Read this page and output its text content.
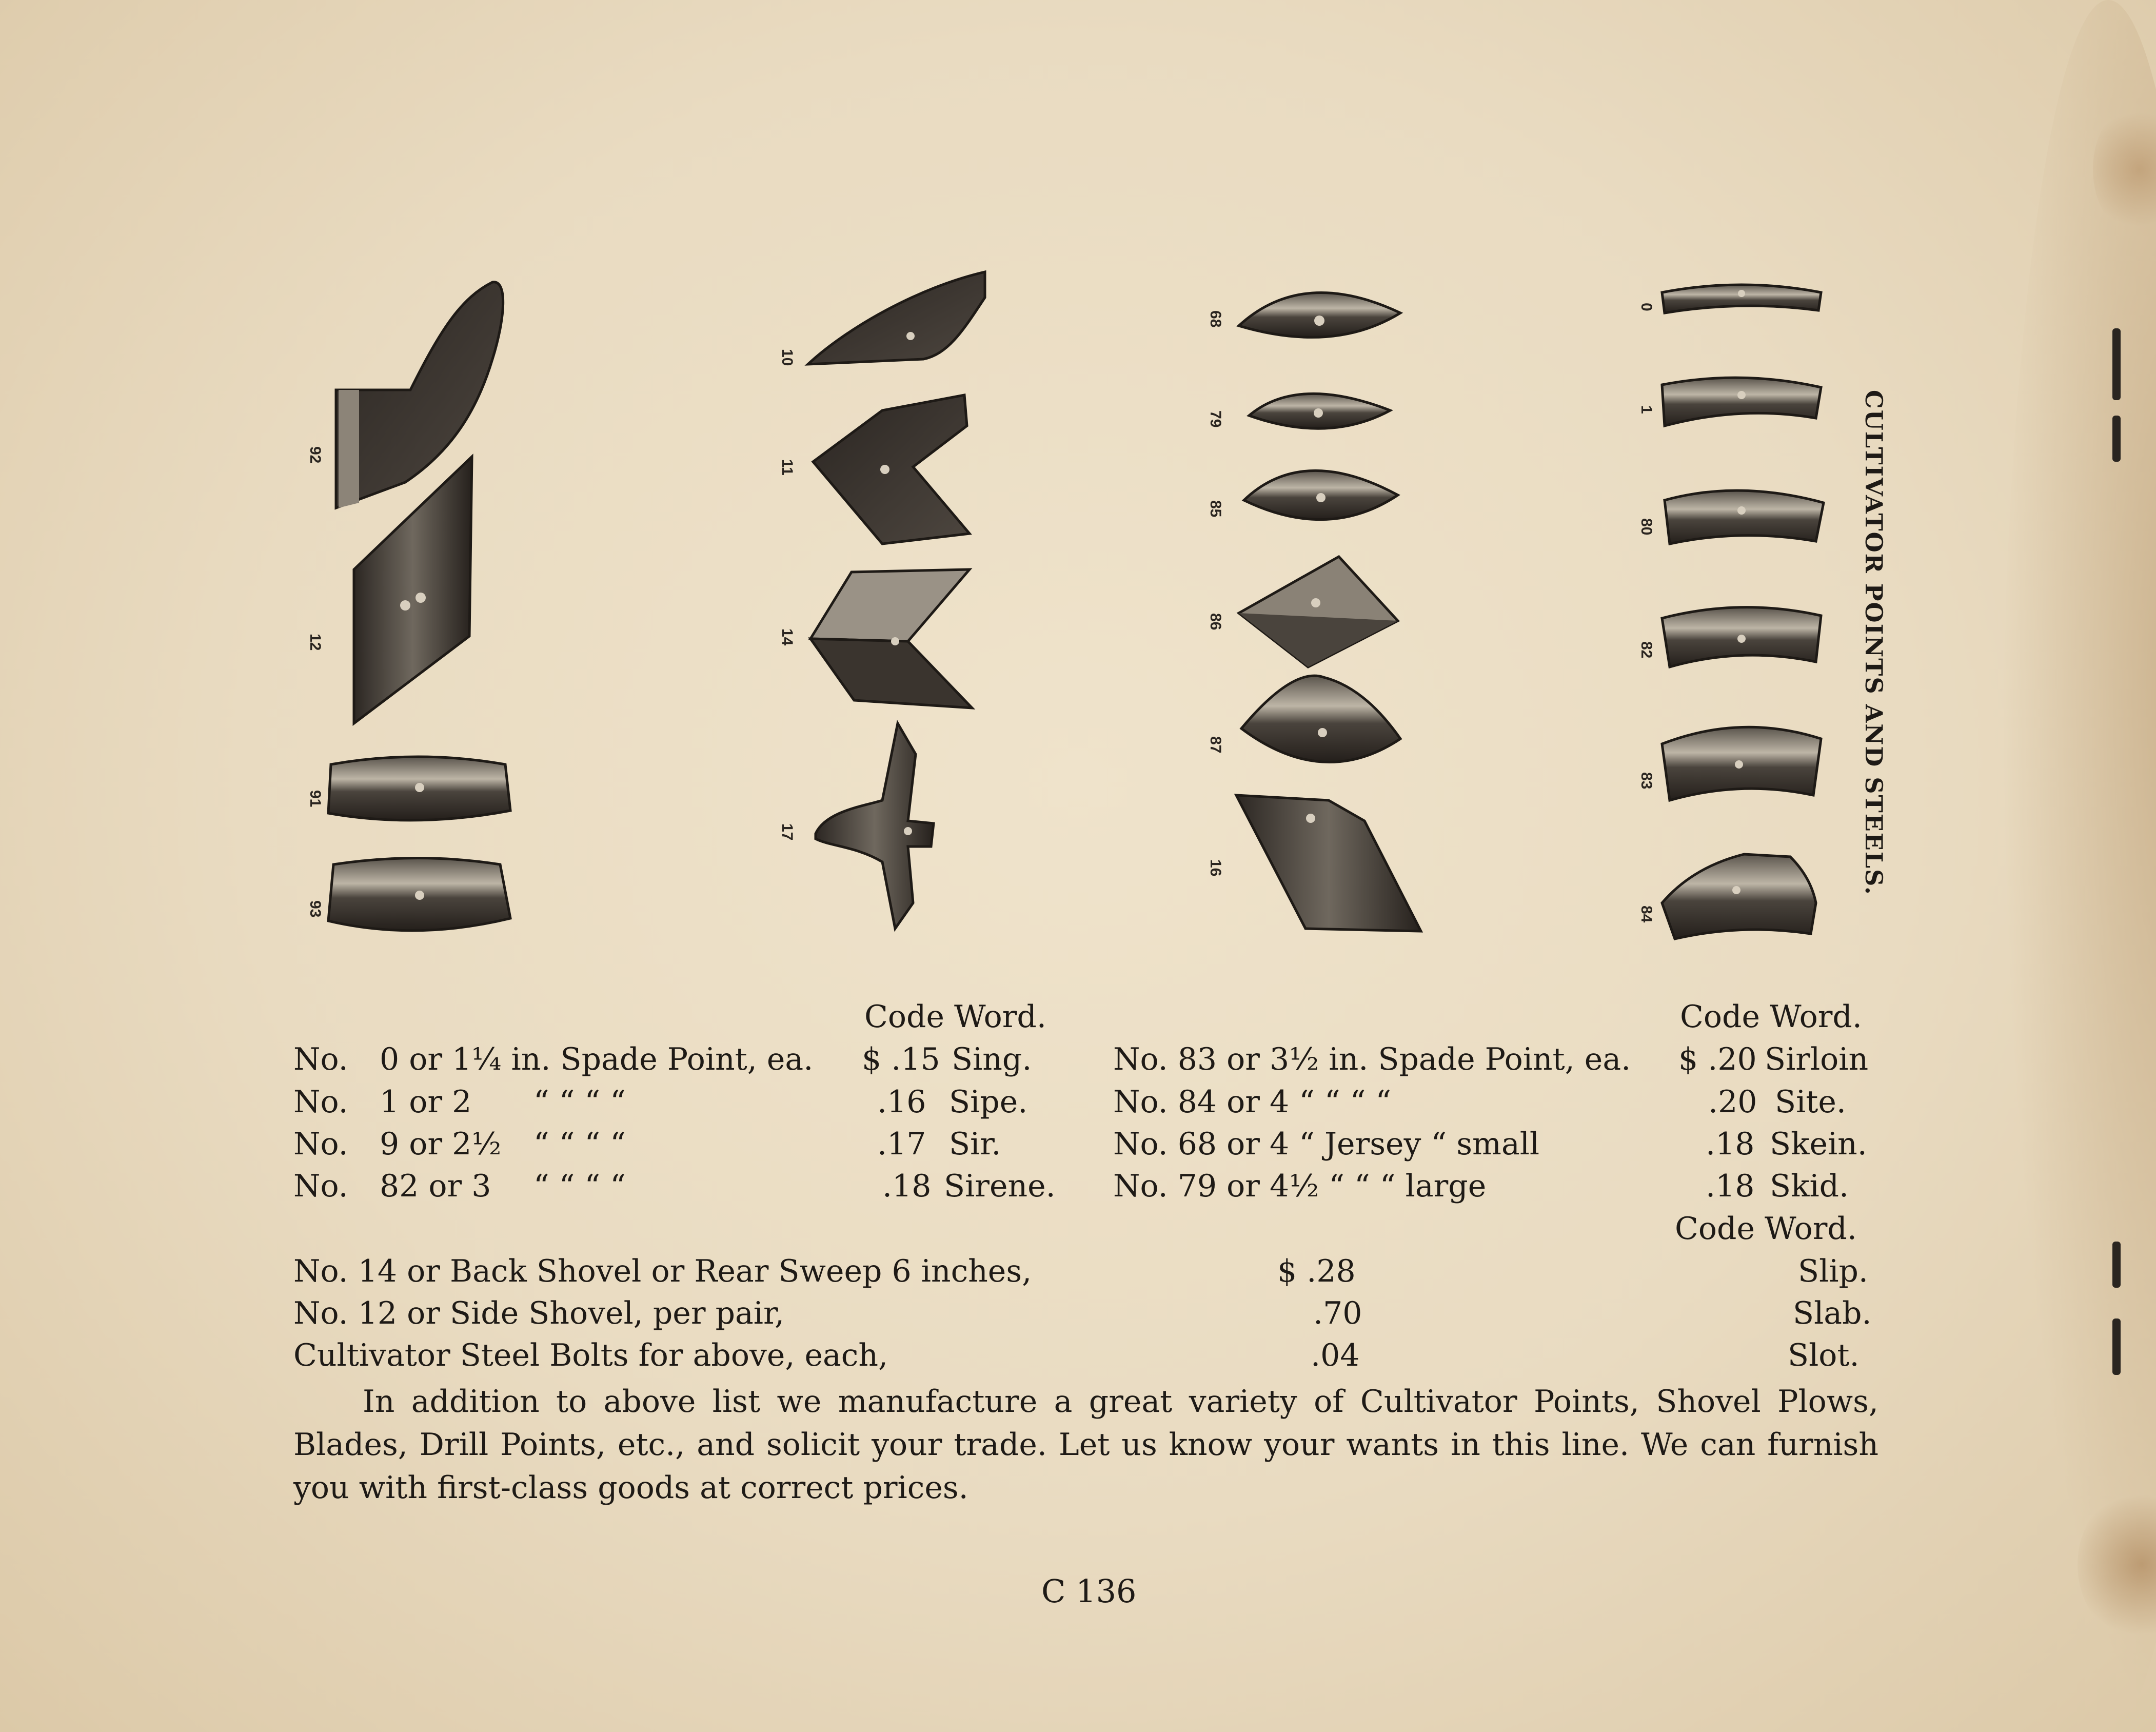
92
12
91
93
10
11
14
17
68
79
85
86
87
16
0
1
80
82
83
84
CULTIVATOR POINTS AND STEELS.
Code Word.	Code Word.
No. 0 or 1¼ in. Spade Point, ea. $ .15 Sing.
No. 1 or 2 “ “ “ “	.16 Sipe.
No. 9 or 2½ “ “ “ “	.17 Sir.
No. 82 or 3 “ “ “ “	.18 Sirene.
No. 83 or 3½ in. Spade Point, ea. $ .20 Sirloin
No. 84 or 4 “ “ “ “	.20 Site.
No. 68 or 4 “ Jersey “ small	.18 Skein.
No. 79 or 4½ “ “ “ large	.18 Skid.
Code Word.
No. 14 or Back Shovel or Rear Sweep 6 inches,	$ .28	Slip.
No. 12 or Side Shovel, per pair,	.70	Slab.
Cultivator Steel Bolts for above, each,	.04	Slot.
In addition to above list we manufacture a great variety of Cultivator Points, Shovel Plows, Blades, Drill Points, etc., and solicit your trade. Let us know your wants in this line. We can furnish you with first-class goods at correct prices.
C 136
